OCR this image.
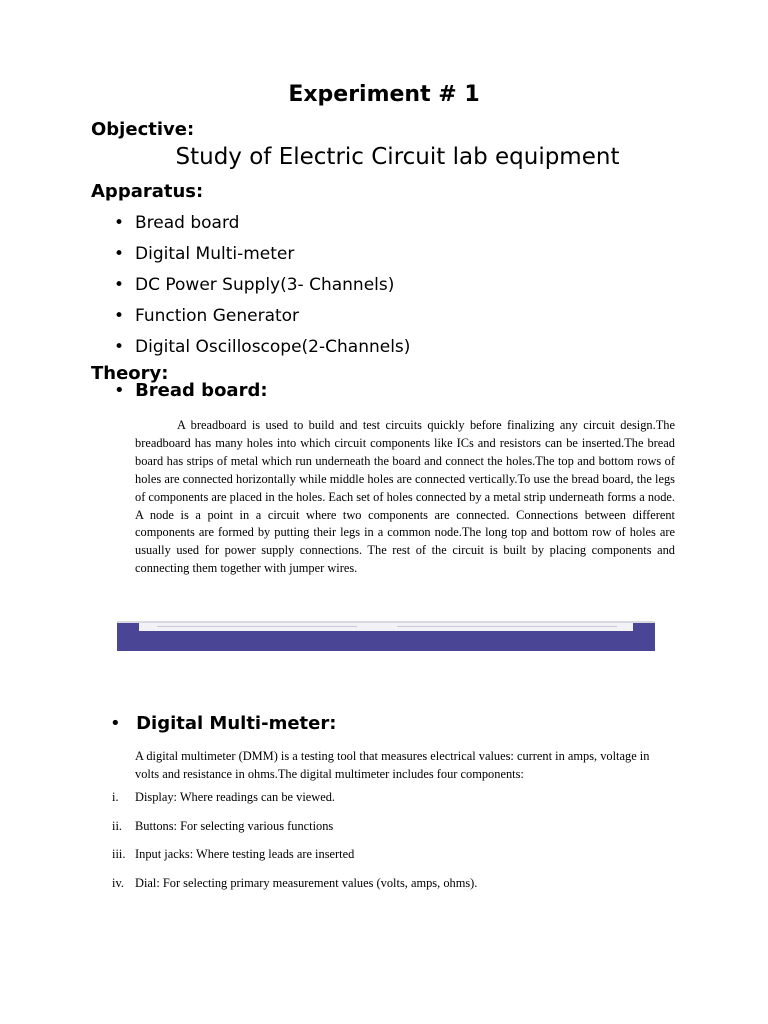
Experiment # 1
Objective:
Study of Electric Circuit lab equipment
Apparatus:
• Bread board
• Digital Multi-meter
• DC Power Supply(3- Channels)
• Function Generator
• Digital Oscilloscope(2-Channels)
Theory:
• Bread board:

A breadboard is used to build and test circuits quickly before finalizing any circuit design.The breadboard has many holes into which circuit components like ICs and resistors can be inserted.The bread board has strips of metal which run underneath the board and connect the holes.The top and bottom rows of holes are connected horizontally while middle holes are connected vertically.To use the bread board, the legs of components are placed in the holes. Each set of holes connected by a metal strip underneath forms a node. A node is a point in a circuit where two components are connected. Connections between different components are formed by putting their legs in a common node.The long top and bottom row of holes are usually used for power supply connections. The rest of the circuit is built by placing components and connecting them together with jumper wires.

• Digital Multi-meter:

A digital multimeter (DMM) is a testing tool that measures electrical values: current in amps, voltage in volts and resistance in ohms.The digital multimeter includes four components:

i.	Display: Where readings can be viewed.
ii.	Buttons: For selecting various functions
iii. Input jacks: Where testing leads are inserted
iv. Dial: For selecting primary measurement values (volts, amps, ohms).
